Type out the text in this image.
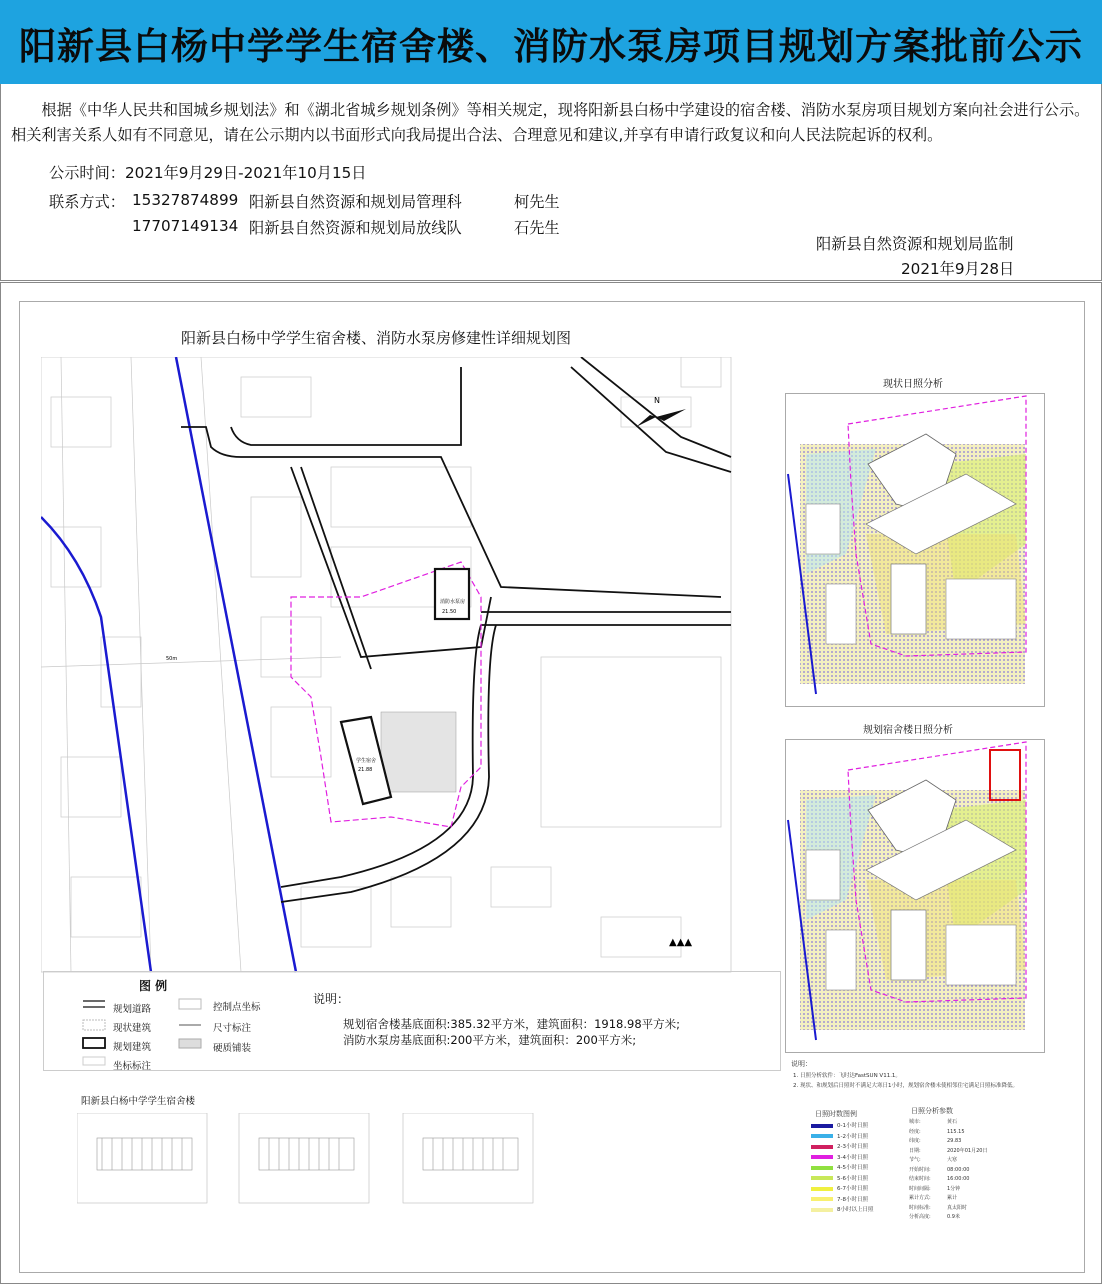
阳新县白杨中学学生宿舍楼、消防水泵房项目规划方案批前公示
根据《中华人民共和国城乡规划法》和《湖北省城乡规划条例》等相关规定，现将阳新县白杨中学建设的宿舍楼、消防水泵房项目规划方案向社会进行公示。相关利害关系人如有不同意见，请在公示期内以书面形式向我局提出合法、合理意见和建议,并享有申请行政复议和向人民法院起诉的权利。
公示时间：2021年9月29日-2021年10月15日
联系方式： 15327874899 阳新县自然资源和规划局管理科	柯先生
17707149134 阳新县自然资源和规划局放线队	石先生
阳新县自然资源和规划局监制
2021年9月28日
阳新县白杨中学学生宿舍楼、消防水泵房修建性详细规划图
消防水泵房
21.50
学生宿舍
21.88
50m
N
▲▲▲
图 例
规划道路
现状建筑
规划建筑
坐标标注
控制点坐标
尺寸标注
硬质铺装
说明：
规划宿舍楼基底面积:385.32平方米，建筑面积：1918.98平方米;
消防水泵房基底面积:200平方米，建筑面积：200平方米;
阳新县白杨中学学生宿舍楼
现状日照分析
规划宿舍楼日照分析
说明：
1. 日照分析软件：飞时达FastSUN V11.1。
2. 现状、和规划后日照时不满足大寒日1小时，规划宿舍楼未使相邻住宅满足日照标准降低。
日照时数图例
0-1小时日照
1-2小时日照
2-3小时日照
3-4小时日照
4-5小时日照
5-6小时日照
6-7小时日照
7-8小时日照
8小时以上日照
日照分析参数
城市:	黄石
经度:	115.15
纬度:	29.83
日期:	2020年01月20日
节气:	大寒
开始时间:	08:00:00
结束时间:	16:00:00
时间间隔:	1分钟
累计方式:	累计
时间标准:	真太阳时
分析高度:	0.9米
